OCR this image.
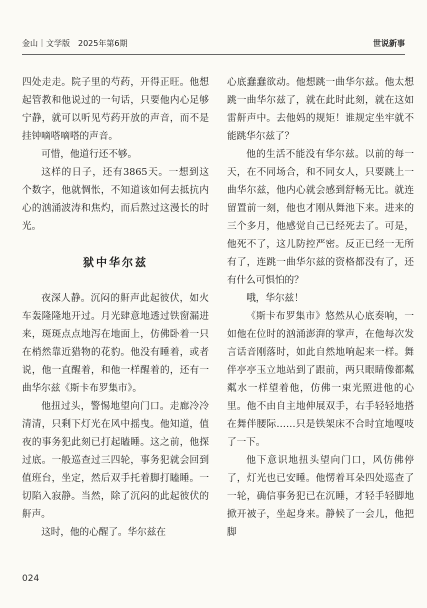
金山｜文学版　2025年第6期	世说新事

四处走走。院子里的芍药，开得正旺。他想起管教和他说过的一句话，只要他内心足够宁静，就可以听见芍药开放的声音，而不是挂钟嘀嗒嘀嗒的声音。

可惜，他道行还不够。

这样的日子，还有3865天。一想到这个数字，他就惆怅，不知道该如何去抵抗内心的汹涌波涛和焦灼，而后熬过这漫长的时光。

狱中华尔兹

夜深人静。沉闷的鼾声此起彼伏，如火车轰隆隆地开过。月光肆意地透过铁窗漏进来，斑斑点点地泻在地面上，仿佛卧着一只在梢然靠近猎物的花豹。他没有睡着，或者说，他一直醒着，和他一样醒着的，还有一曲华尔兹《斯卡布罗集市》。

他扭过头，警惕地望向门口。走廊冷冷清清，只剩下灯光在风中摇曳。他知道，值夜的事务犯此刻已打起瞌睡。这之前，他探过底。一般巡查过三四轮，事务犯就会回到值班台，坐定，然后双手托着脚打瞌睡。一切陷入寂静。当然，除了沉闷的此起彼伏的鼾声。

这时，他的心醒了。华尔兹在

心底蠢蠢欲动。他想跳一曲华尔兹。他太想跳一曲华尔兹了，就在此时此刻，就在这如雷鼾声中。去他妈的规矩！谁规定坐牢就不能跳华尔兹了？

他的生活不能没有华尔兹。以前的每一天，在不同场合，和不同女人，只要跳上一曲华尔兹，他内心就会感到舒畅无比。就连留置前一刻，他也才刚从舞池下来。进来的三个多月，他感觉自己已经死去了。可是，他死不了，这儿防控严密。反正已经一无所有了，连跳一曲华尔兹的资格都没有了，还有什么可惧怕的？

哦，华尔兹！

《斯卡布罗集市》悠然从心底奏响，一如他在位时的汹涌澎湃的掌声，在他每次发言话音刚落时，如此自然地响起来一样。舞伴亭亭玉立地站到了跟前，两只眼睛像都粼粼水一样望着他，仿佛一束光照进他的心里。他不由自主地伸展双手，右手轻轻地搭在舞伴腰际……只是铁架床不合时宜地嘎吱了一下。

他下意识地扭头望向门口，风仿佛停了，灯光也已安睡。他愣着耳朵四处巡查了一轮，确信事务犯已在沉睡，才轻手轻脚地掀开被子，坐起身来。静候了一会儿，他把脚

024
